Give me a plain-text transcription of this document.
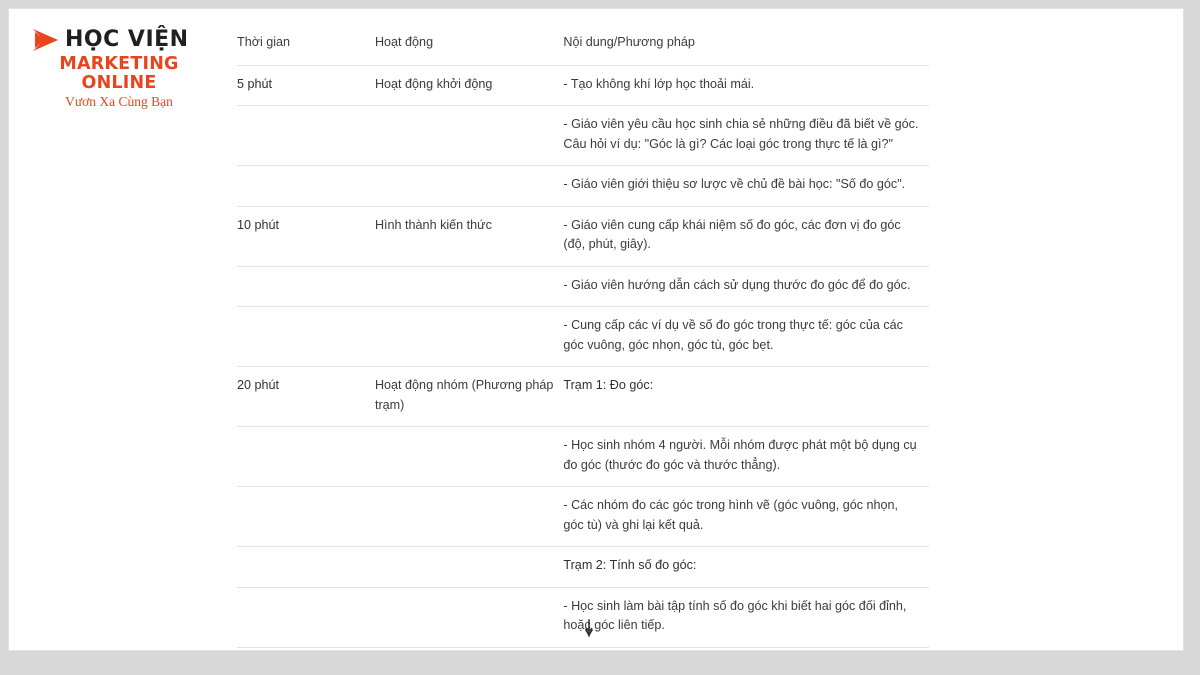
HỌC VIỆN
MARKETING ONLINE
Vươn Xa Cùng Bạn
Thời gian	Hoạt động	Nội dung/Phương pháp
5 phút	Hoạt động khởi động	- Tạo không khí lớp học thoải mái.
		- Giáo viên yêu cầu học sinh chia sẻ những điều đã biết về góc. Câu hỏi ví dụ: "Góc là gì? Các loại góc trong thực tế là gì?"
		- Giáo viên giới thiệu sơ lược về chủ đề bài học: "Số đo góc".
10 phút	Hình thành kiến thức	- Giáo viên cung cấp khái niệm số đo góc, các đơn vị đo góc (độ, phút, giây).
		- Giáo viên hướng dẫn cách sử dụng thước đo góc để đo góc.
		- Cung cấp các ví dụ về số đo góc trong thực tế: góc của các góc vuông, góc nhọn, góc tù, góc bẹt.
20 phút	Hoạt động nhóm (Phương pháp trạm)	Trạm 1: Đo góc:
		- Học sinh nhóm 4 người. Mỗi nhóm được phát một bộ dụng cụ đo góc (thước đo góc và thước thẳng).
		- Các nhóm đo các góc trong hình vẽ (góc vuông, góc nhọn, góc tù) và ghi lại kết quả.
		Trạm 2: Tính số đo góc:
		- Học sinh làm bài tập tính số đo góc khi biết hai góc đối đỉnh, hoặc góc liên tiếp.
